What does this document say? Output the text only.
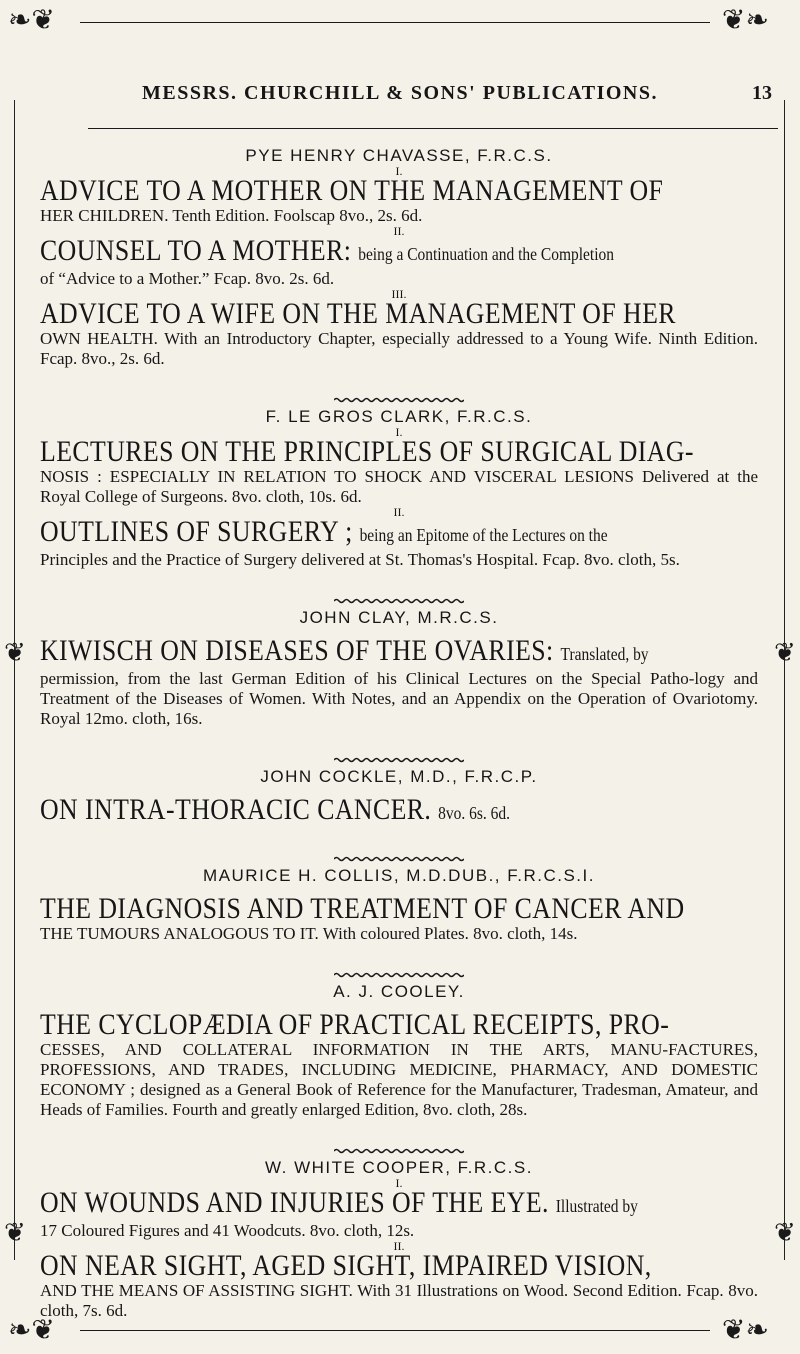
❧❦	❦❧
MESSRS. CHURCHILL & SONS' PUBLICATIONS.	13
❦
❦
❦
❦
❧❦	❦❧
PYE HENRY CHAVASSE, F.R.C.S.
I.
ADVICE TO A MOTHER ON THE MANAGEMENT OF
HER CHILDREN. Tenth Edition. Foolscap 8vo., 2s. 6d.
II.
COUNSEL TO A MOTHER: being a Continuation and the Completion
of “Advice to a Mother.” Fcap. 8vo. 2s. 6d.
III.
ADVICE TO A WIFE ON THE MANAGEMENT OF HER
OWN HEALTH. With an Introductory Chapter, especially addressed to a Young Wife. Ninth Edition. Fcap. 8vo., 2s. 6d.
F. LE GROS CLARK, F.R.C.S.
I.
LECTURES ON THE PRINCIPLES OF SURGICAL DIAG-
NOSIS : ESPECIALLY IN RELATION TO SHOCK AND VISCERAL LESIONS Delivered at the Royal College of Surgeons. 8vo. cloth, 10s. 6d.
II.
OUTLINES OF SURGERY ; being an Epitome of the Lectures on the
Principles and the Practice of Surgery delivered at St. Thomas's Hospital. Fcap. 8vo. cloth, 5s.
JOHN CLAY, M.R.C.S.
KIWISCH ON DISEASES OF THE OVARIES: Translated, by
permission, from the last German Edition of his Clinical Lectures on the Special Patho-logy and Treatment of the Diseases of Women. With Notes, and an Appendix on the Operation of Ovariotomy. Royal 12mo. cloth, 16s.
JOHN COCKLE, M.D., F.R.C.P.
ON INTRA-THORACIC CANCER. 8vo. 6s. 6d.
MAURICE H. COLLIS, M.D.DUB., F.R.C.S.I.
THE DIAGNOSIS AND TREATMENT OF CANCER AND
THE TUMOURS ANALOGOUS TO IT. With coloured Plates. 8vo. cloth, 14s.
A. J. COOLEY.
THE CYCLOPÆDIA OF PRACTICAL RECEIPTS, PRO-
CESSES, AND COLLATERAL INFORMATION IN THE ARTS, MANU-FACTURES, PROFESSIONS, AND TRADES, INCLUDING MEDICINE, PHARMACY, AND DOMESTIC ECONOMY ; designed as a General Book of Reference for the Manufacturer, Tradesman, Amateur, and Heads of Families. Fourth and greatly enlarged Edition, 8vo. cloth, 28s.
W. WHITE COOPER, F.R.C.S.
I.
ON WOUNDS AND INJURIES OF THE EYE. Illustrated by
17 Coloured Figures and 41 Woodcuts. 8vo. cloth, 12s.
II.
ON NEAR SIGHT, AGED SIGHT, IMPAIRED VISION,
AND THE MEANS OF ASSISTING SIGHT. With 31 Illustrations on Wood. Second Edition. Fcap. 8vo. cloth, 7s. 6d.
